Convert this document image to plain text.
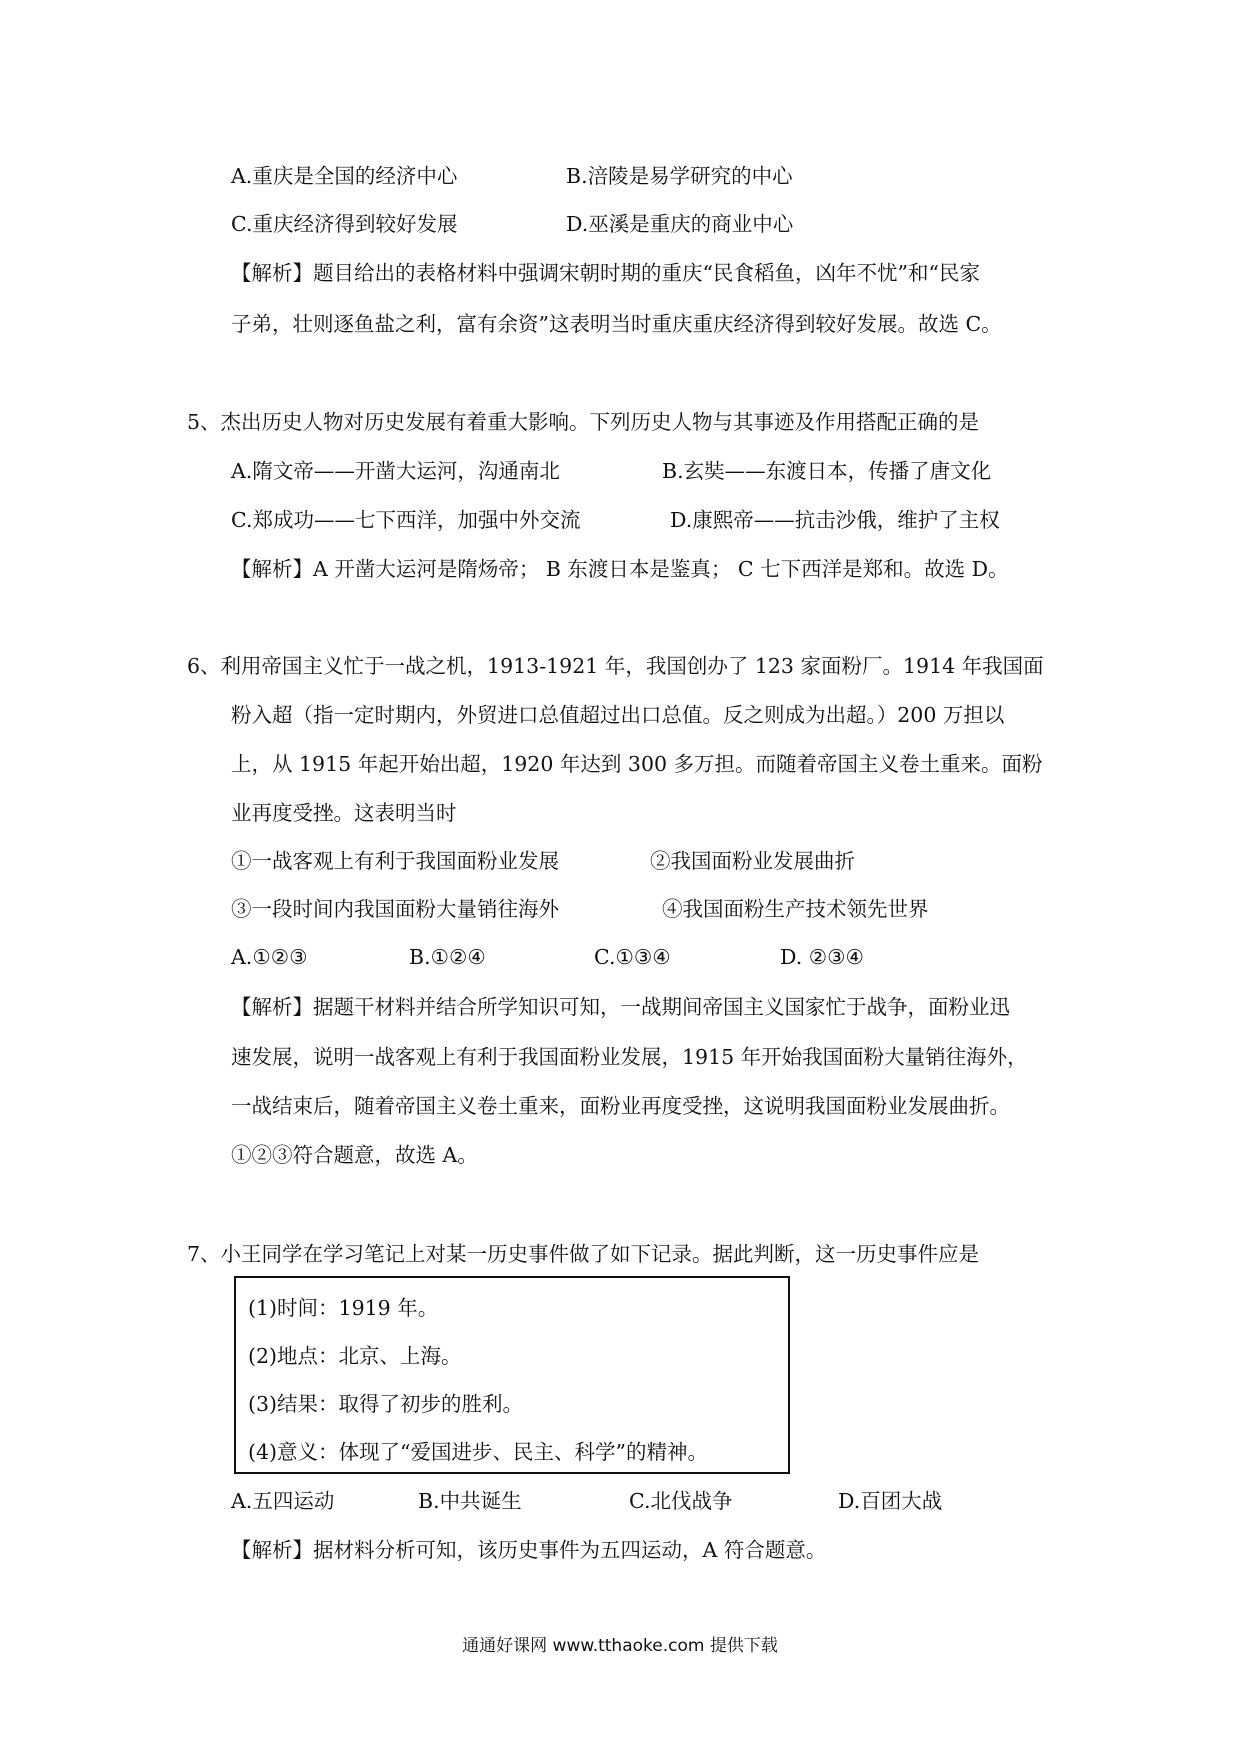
A.重庆是全国的经济中心	B.涪陵是易学研究的中心
C.重庆经济得到较好发展	D.巫溪是重庆的商业中心
【解析】题目给出的表格材料中强调宋朝时期的重庆“民食稻鱼，凶年不忧”和“民家
子弟，壮则逐鱼盐之利，富有余资”这表明当时重庆重庆经济得到较好发展。故选 C。
5、杰出历史人物对历史发展有着重大影响。下列历史人物与其事迹及作用搭配正确的是
A.隋文帝——开凿大运河，沟通南北	B.玄奘——东渡日本，传播了唐文化
C.郑成功——七下西洋，加强中外交流	D.康熙帝——抗击沙俄，维护了主权
【解析】A 开凿大运河是隋炀帝； B 东渡日本是鉴真； C 七下西洋是郑和。故选 D。
6、利用帝国主义忙于一战之机，1913-1921 年，我国创办了 123 家面粉厂。1914 年我国面
粉入超（指一定时期内，外贸进口总值超过出口总值。反之则成为出超。）200 万担以
上，从 1915 年起开始出超，1920 年达到 300 多万担。而随着帝国主义卷土重来。面粉
业再度受挫。这表明当时
①一战客观上有利于我国面粉业发展	②我国面粉业发展曲折
③一段时间内我国面粉大量销往海外	④我国面粉生产技术领先世界
A.①②③	B.①②④	C.①③④	D. ②③④
【解析】据题干材料并结合所学知识可知，一战期间帝国主义国家忙于战争，面粉业迅
速发展，说明一战客观上有利于我国面粉业发展，1915 年开始我国面粉大量销往海外，
一战结束后，随着帝国主义卷土重来，面粉业再度受挫，这说明我国面粉业发展曲折。
①②③符合题意，故选 A。
7、小王同学在学习笔记上对某一历史事件做了如下记录。据此判断，这一历史事件应是
(1)时间：1919 年。
(2)地点：北京、上海。
(3)结果：取得了初步的胜利。
(4)意义：体现了“爱国进步、民主、科学”的精神。
A.五四运动	B.中共诞生	C.北伐战争	D.百团大战
【解析】据材料分析可知，该历史事件为五四运动，A 符合题意。
通通好课网 www.tthaoke.com 提供下载
